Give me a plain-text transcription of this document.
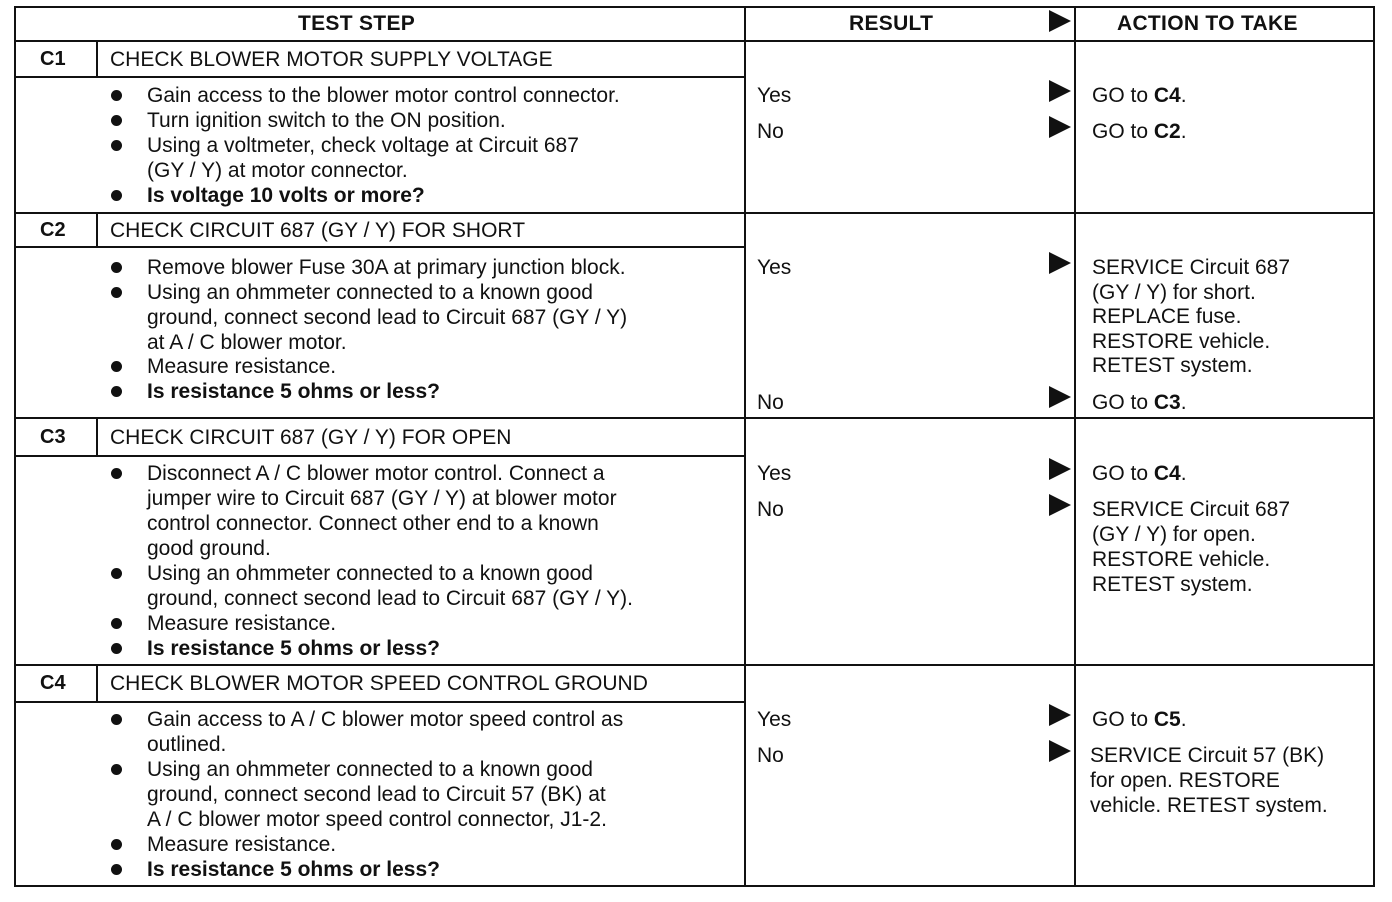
TEST STEP	RESULT	ACTION TO TAKE
C1 CHECK BLOWER MOTOR SUPPLY VOLTAGE
Gain access to the blower motor control connector.
Turn ignition switch to the ON position.
Using a voltmeter, check voltage at Circuit 687
(GY / Y) at motor connector.
Is voltage 10 volts or more?
Yes	GO to C4.
No	GO to C2.
C2 CHECK CIRCUIT 687 (GY / Y) FOR SHORT
Remove blower Fuse 30A at primary junction block.
Using an ohmmeter connected to a known good
ground, connect second lead to Circuit 687 (GY / Y)
at A / C blower motor.
Measure resistance.
Is resistance 5 ohms or less?
Yes	SERVICE Circuit 687
(GY / Y) for short.
REPLACE fuse.
RESTORE vehicle.
RETEST system.
No	GO to C3.
C3 CHECK CIRCUIT 687 (GY / Y) FOR OPEN
Disconnect A / C blower motor control. Connect a
jumper wire to Circuit 687 (GY / Y) at blower motor
control connector. Connect other end to a known
good ground.
Using an ohmmeter connected to a known good
ground, connect second lead to Circuit 687 (GY / Y).
Measure resistance.
Is resistance 5 ohms or less?
Yes	GO to C4.
No	SERVICE Circuit 687
(GY / Y) for open.
RESTORE vehicle.
RETEST system.
C4 CHECK BLOWER MOTOR SPEED CONTROL GROUND
Gain access to A / C blower motor speed control as
outlined.
Using an ohmmeter connected to a known good
ground, connect second lead to Circuit 57 (BK) at
A / C blower motor speed control connector, J1-2.
Measure resistance.
Is resistance 5 ohms or less?
Yes	GO to C5.
No	SERVICE Circuit 57 (BK)
for open. RESTORE
vehicle. RETEST system.
